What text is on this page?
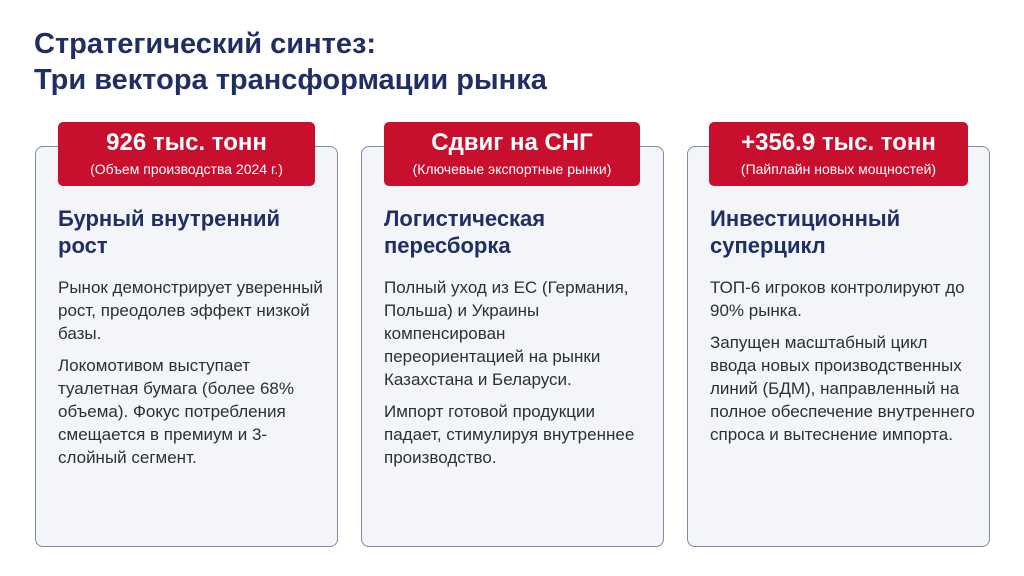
Стратегический синтез:
Три вектора трансформации рынка
Бурный внутренний рост

Рынок демонстрирует уверенный рост, преодолев эффект низкой базы.

Локомотивом выступает туалетная бумага (более 68% объема). Фокус потребления смещается в премиум и 3-слойный сегмент.

926 тыс. тонн
(Объем производства 2024 г.)
Логистическая пересборка

Полный уход из ЕС (Германия, Польша) и Украины компенсирован переориентацией на рынки Казахстана и Беларуси.

Импорт готовой продукции падает, стимулируя внутреннее производство.

Сдвиг на СНГ
(Ключевые экспортные рынки)
Инвестиционный суперцикл

ТОП-6 игроков контролируют до 90% рынка.

Запущен масштабный цикл ввода новых производственных линий (БДМ), направленный на полное обеспечение внутреннего спроса и вытеснение импорта.

+356.9 тыс. тонн
(Пайплайн новых мощностей)
